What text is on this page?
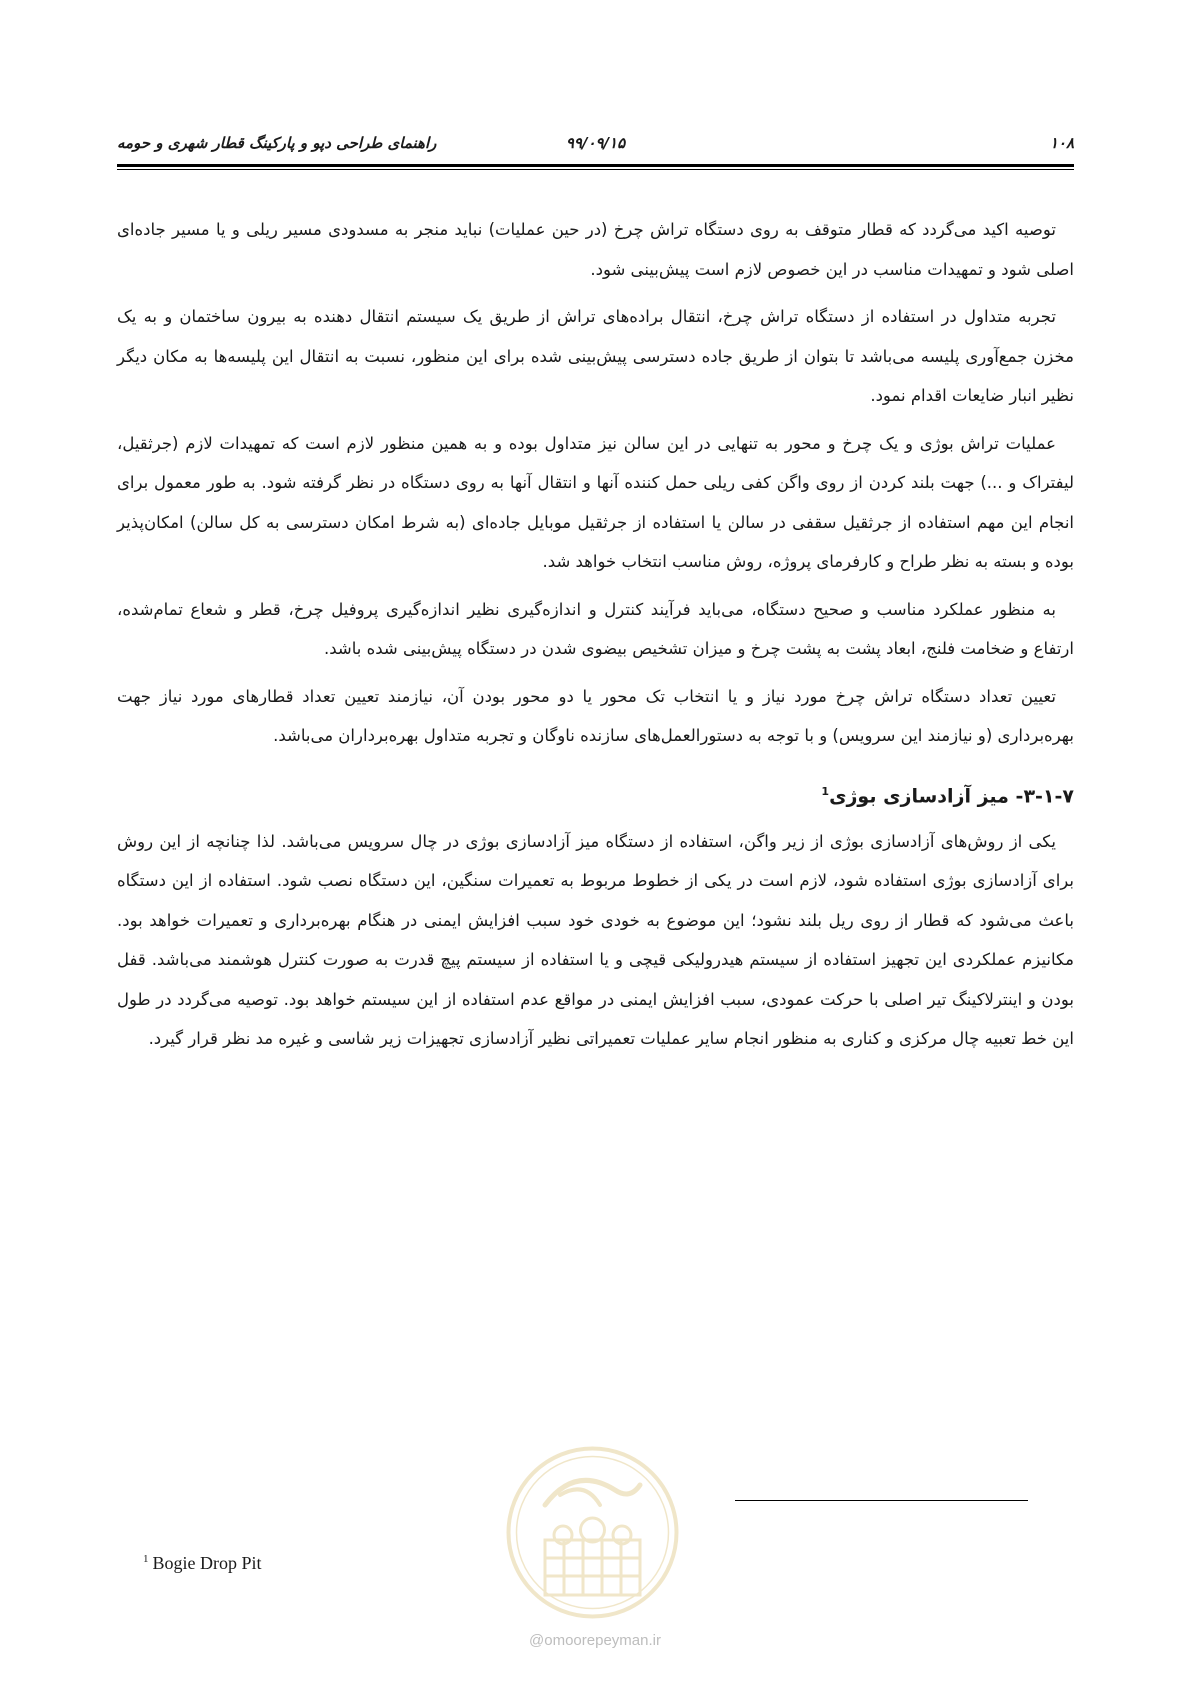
۱۰۸
۹۹/۰۹/۱۵
راهنمای طراحی دپو و پارکینگ قطار شهری و حومه

توصیه اکید می‌گردد که قطار متوقف به روی دستگاه تراش چرخ (در حین عملیات) نباید منجر به مسدودی مسیر ریلی و یا مسیر جاده‌ای اصلی شود و تمهیدات مناسب در این خصوص لازم است پیش‌بینی شود.

تجربه متداول در استفاده از دستگاه تراش چرخ، انتقال براده‌های تراش از طریق یک سیستم انتقال دهنده به بیرون ساختمان و به یک مخزن جمع‌آوری پلیسه می‌باشد تا بتوان از طریق جاده دسترسی پیش‌بینی شده برای این منظور، نسبت به انتقال این پلیسه‌ها به مکان دیگر نظیر انبار ضایعات اقدام نمود.

عملیات تراش بوژی و یک چرخ و محور به تنهایی در این سالن نیز متداول بوده و به همین منظور لازم است که تمهیدات لازم (جرثقیل، لیفتراک و ...) جهت بلند کردن از روی واگن کفی ریلی حمل کننده آنها و انتقال آنها به روی دستگاه در نظر گرفته شود. به طور معمول برای انجام این مهم استفاده از جرثقیل سقفی در سالن یا استفاده از جرثقیل موبایل جاده‌ای (به شرط امکان دسترسی به کل سالن) امکان‌پذیر بوده و بسته به نظر طراح و کارفرمای پروژه، روش مناسب انتخاب خواهد شد.

به منظور عملکرد مناسب و صحیح دستگاه، می‌باید فرآیند کنترل و اندازه‌گیری نظیر اندازه‌گیری پروفیل چرخ، قطر و شعاع تمام‌شده، ارتفاع و ضخامت فلنج، ابعاد پشت به پشت چرخ و میزان تشخیص بیضوی شدن در دستگاه پیش‌بینی شده باشد.

تعیین تعداد دستگاه تراش چرخ مورد نیاز و یا انتخاب تک محور یا دو محور بودن آن، نیازمند تعیین تعداد قطارهای مورد نیاز جهت بهره‌برداری (و نیازمند این سرویس) و با توجه به دستورالعمل‌های سازنده ناوگان و تجربه متداول بهره‌برداران می‌باشد.

۳-۱-۷- میز آزادسازی بوژی$^1$

یکی از روش‌های آزادسازی بوژی از زیر واگن، استفاده از دستگاه میز آزادسازی بوژی در چال سرویس می‌باشد. لذا چنانچه از این روش برای آزادسازی بوژی استفاده شود، لازم است در یکی از خطوط مربوط به تعمیرات سنگین، این دستگاه نصب شود. استفاده از این دستگاه باعث می‌شود که قطار از روی ریل بلند نشود؛ این موضوع به خودی خود سبب افزایش ایمنی در هنگام بهره‌برداری و تعمیرات خواهد بود. مکانیزم عملکردی این تجهیز استفاده از سیستم هیدرولیکی قیچی و یا استفاده از سیستم پیچ قدرت به صورت کنترل هوشمند می‌باشد. قفل بودن و اینترلاکینگ تیر اصلی با حرکت عمودی، سبب افزایش ایمنی در مواقع عدم استفاده از این سیستم خواهد بود. توصیه می‌گردد در طول این خط تعبیه چال مرکزی و کناری به منظور انجام سایر عملیات تعمیراتی نظیر آزادسازی تجهیزات زیر شاسی و غیره مد نظر قرار گیرد.

@omoorepeyman.ir
$^1$ Bogie Drop Pit
